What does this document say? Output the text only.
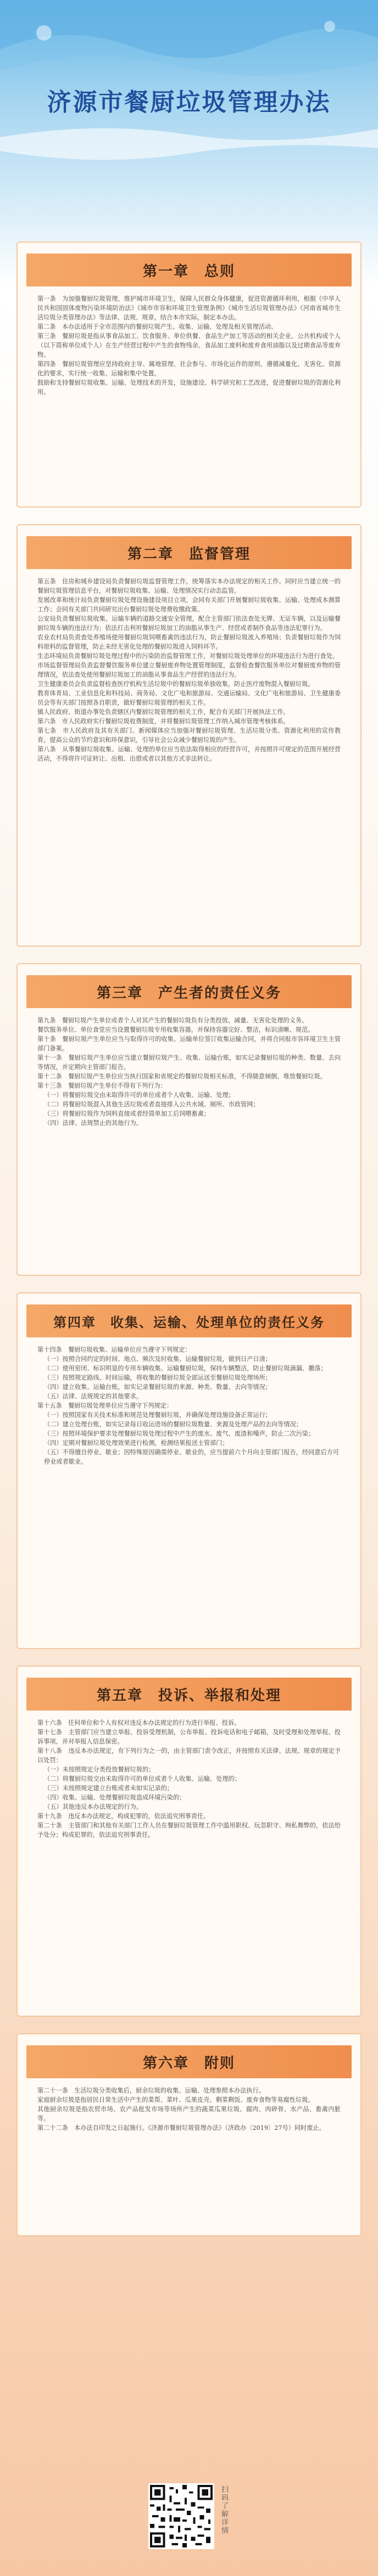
济源市餐厨垃圾管理办法
第一章　总则
第一条　为加强餐厨垃圾管理，维护城市环境卫生，保障人民群众身体健康，促进资源循环利用，根据《中华人民共和国固体废物污染环境防治法》《城市市容和环境卫生管理条例》《城市生活垃圾管理办法》《河南省城市生活垃圾分类管理办法》等法律、法规、规章，结合本市实际，制定本办法。
第二条　本办法适用于全市范围内的餐厨垃圾产生、收集、运输、处理及相关管理活动。
第三条　餐厨垃圾是指从事食品加工、饮食服务、单位供餐、食品生产加工等活动的相关企业、公共机构或个人（以下简称单位或个人）在生产经营过程中产生的食物残余、食品加工废料和废弃食用油脂以及过期食品等废弃物。
第四条　餐厨垃圾管理应坚持政府主导、属地管理、社会参与、市场化运作的原则，遵循减量化、无害化、资源化的要求，实行统一收集、运输和集中处置。
鼓励和支持餐厨垃圾收集、运输、处理技术的开发，设施建设、科学研究和工艺改进，促进餐厨垃圾的资源化利用。
第二章　监督管理
第五条　住房和城乡建设局负责餐厨垃圾监督管理工作，统筹落实本办法规定的相关工作。同时应当建立统一的餐厨垃圾管理信息平台，对餐厨垃圾收集、运输、处理情况实行动态监管。
发展改革和统计局负责餐厨垃圾处理设施建设项目立项，会同有关部门开展餐厨垃圾收集、运输、处理成本测算工作；会同有关部门共同研究出台餐厨垃圾处理费收缴政策。
公安局负责餐厨垃圾收集、运输车辆的道路交通安全管理，配合主管部门依法查处无牌、无证车辆，以及运输餐厨垃圾车辆的违法行为；依法打击利用餐厨垃圾加工的油脂从事生产、经营或者制作食品等违法犯罪行为。
农业农村局负责查处养殖场使用餐厨垃圾饲喂畜禽的违法行为，防止餐厨垃圾流入养殖场；负责餐厨垃圾作为饲料原料的监督管理，防止未经无害化处理的餐厨垃圾进入饲料环节。
生态环境局负责餐厨垃圾处理过程中的污染防治监督管理工作，对餐厨垃圾处理单位的环境违法行为进行查处。
市场监督管理局负责监督餐饮服务单位建立餐厨废弃物处置管理制度，监督检查餐饮服务单位对餐厨废弃物的管理情况，依法查处使用餐厨垃圾加工的油脂从事食品生产经营的违法行为。
卫生健康委员会负责监督检查医疗机构生活垃圾中的餐厨垃圾单独收集，防止医疗废物混入餐厨垃圾。
教育体育局、工业信息化和科技局、商务局、文化广电和旅游局、交通运输局、文化广电和旅游局、卫生健康委员会等有关部门按照各自职责，做好餐厨垃圾管理的相关工作。
镇人民政府、街道办事处负责辖区内餐厨垃圾管理的相关工作，配合有关部门开展执法工作。
第六条　市人民政府实行餐厨垃圾收费制度，并将餐厨垃圾管理工作纳入城市管理考核体系。
第七条　市人民政府及其有关部门、新闻媒体应当加强对餐厨垃圾管理、生活垃圾分类、资源化利用的宣传教育，提高公众的节约意识和环保意识，引导社会公众减少餐厨垃圾的产生。
第八条　从事餐厨垃圾收集、运输、处理的单位应当依法取得相应的经营许可，并按照许可规定的范围开展经营活动，不得将许可证转让、出租、出借或者以其他方式非法转让。
第三章　产生者的责任义务
第九条　餐厨垃圾产生单位或者个人对其产生的餐厨垃圾负有分类投放、减量、无害化处理的义务。
餐饮服务单位、单位食堂应当设置餐厨垃圾专用收集容器，并保持容器完好、整洁，标识清晰、规范。
第十条　餐厨垃圾产生单位应当与取得许可的收集、运输单位签订收集运输合同，并将合同报市容环境卫生主管部门备案。
第十一条　餐厨垃圾产生单位应当建立餐厨垃圾产生、收集、运输台账，如实记录餐厨垃圾的种类、数量、去向等情况，并定期向主管部门报告。
第十二条　餐厨垃圾产生单位应当执行国家和省规定的餐厨垃圾相关标准，不得随意倾倒、堆放餐厨垃圾。
第十三条　餐厨垃圾产生单位不得有下列行为：
（一）将餐厨垃圾交由未取得许可的单位或者个人收集、运输、处理；
（二）将餐厨垃圾混入其他生活垃圾或者直接排入公共水域、厕所、市政管网；
（三）将餐厨垃圾作为饲料直接或者经简单加工后饲喂畜禽；
（四）法律、法规禁止的其他行为。
第四章　收集、运输、处理单位的责任义务
第十四条　餐厨垃圾收集、运输单位应当遵守下列规定：
（一）按照合同约定的时间、地点、频次及时收集、运输餐厨垃圾，做到日产日清；
（二）使用密闭、标识明显的专用车辆收集、运输餐厨垃圾，保持车辆整洁，防止餐厨垃圾滴漏、撒落；
（三）按照规定路线、时间运输，将收集的餐厨垃圾全部运送至餐厨垃圾处理场所；
（四）建立收集、运输台账，如实记录餐厨垃圾的来源、种类、数量、去向等情况；
（五）法律、法规规定的其他要求。
第十五条　餐厨垃圾处理单位应当遵守下列规定：
（一）按照国家有关技术标准和规范处理餐厨垃圾，并确保处理设施设备正常运行；
（二）建立处理台账，如实记录每日收运进场的餐厨垃圾数量、来源及处理产品的去向等情况；
（三）按照环境保护要求处理餐厨垃圾处理过程中产生的废水、废气、废渣和噪声，防止二次污染；
（四）定期对餐厨垃圾处理效果进行检测，检测结果报送主管部门；
（五）不得擅自停业、歇业；因特殊原因确需停业、歇业的，应当提前六个月向主管部门报告，经同意后方可停业或者歇业。
第五章　投诉、举报和处理
第十六条　任何单位和个人有权对违反本办法规定的行为进行举报、投诉。
第十七条　主管部门应当建立举报、投诉受理机制，公布举报、投诉电话和电子邮箱，及时受理和处理举报、投诉事项，并对举报人信息保密。
第十八条　违反本办法规定，有下列行为之一的，由主管部门责令改正，并按照有关法律、法规、规章的规定予以处罚：
（一）未按照规定分类投放餐厨垃圾的；
（二）将餐厨垃圾交由未取得许可的单位或者个人收集、运输、处理的；
（三）未按照规定建立台账或者未如实记录的；
（四）收集、运输、处理餐厨垃圾造成环境污染的；
（五）其他违反本办法规定的行为。
第十九条　违反本办法规定，构成犯罪的，依法追究刑事责任。
第二十条　主管部门和其他有关部门工作人员在餐厨垃圾管理工作中滥用职权、玩忽职守、徇私舞弊的，依法给予处分；构成犯罪的，依法追究刑事责任。
第六章　附则
第二十一条　生活垃圾分类收集后，厨余垃圾的收集、运输、处理参照本办法执行。
家庭厨余垃圾是指居民日常生活中产生的菜帮、菜叶、瓜果皮壳、剩菜剩饭、废弃食物等易腐性垃圾。
其他厨余垃圾是指农贸市场、农产品批发市场等场所产生的蔬菜瓜果垃圾、腐肉、肉碎骨、水产品、畜禽内脏等。
第二十二条　本办法自印发之日起施行。《济源市餐厨垃圾管理办法》（济政办〔2019〕27号）同时废止。
扫码了解详情
